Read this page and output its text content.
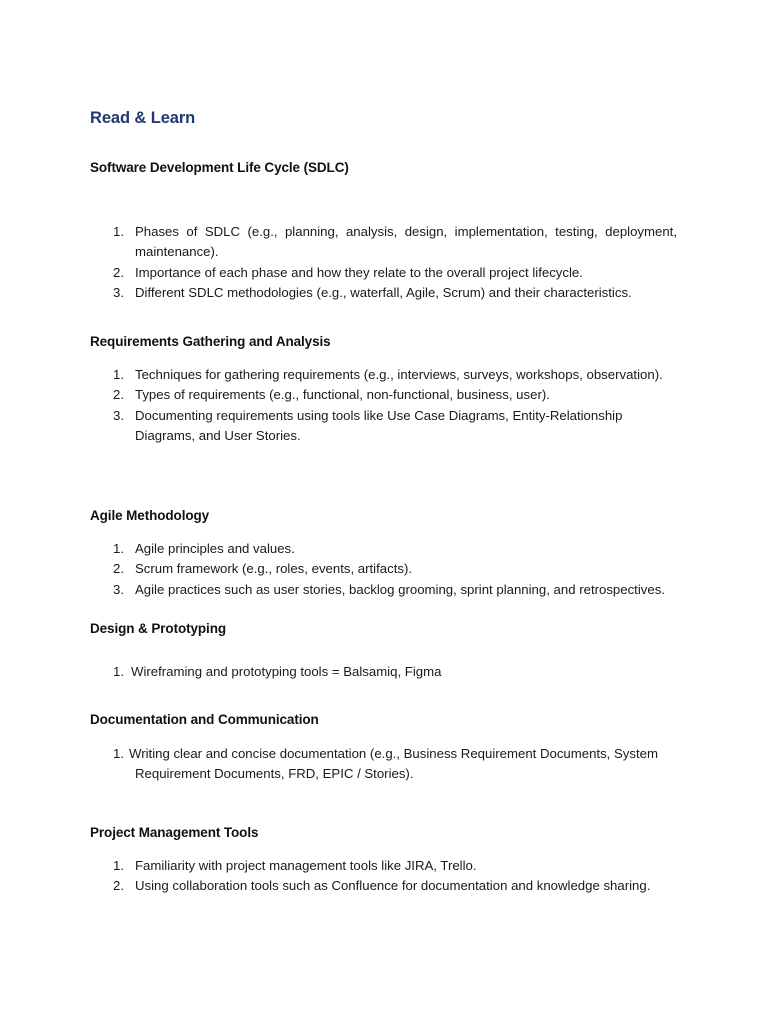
Read & Learn
Software Development Life Cycle (SDLC)
1. Phases of SDLC (e.g., planning, analysis, design, implementation, testing, deployment, maintenance).
2. Importance of each phase and how they relate to the overall project lifecycle.
3. Different SDLC methodologies (e.g., waterfall, Agile, Scrum) and their characteristics.
Requirements Gathering and Analysis
1. Techniques for gathering requirements (e.g., interviews, surveys, workshops, observation).
2. Types of requirements (e.g., functional, non-functional, business, user).
3. Documenting requirements using tools like Use Case Diagrams, Entity-Relationship Diagrams, and User Stories.
Agile Methodology
1. Agile principles and values.
2. Scrum framework (e.g., roles, events, artifacts).
3. Agile practices such as user stories, backlog grooming, sprint planning, and retrospectives.
Design & Prototyping
1. Wireframing and prototyping tools = Balsamiq, Figma
Documentation and Communication
1. Writing clear and concise documentation (e.g., Business Requirement Documents, System Requirement Documents, FRD, EPIC / Stories).
Project Management Tools
1. Familiarity with project management tools like JIRA, Trello.
2. Using collaboration tools such as Confluence for documentation and knowledge sharing.
